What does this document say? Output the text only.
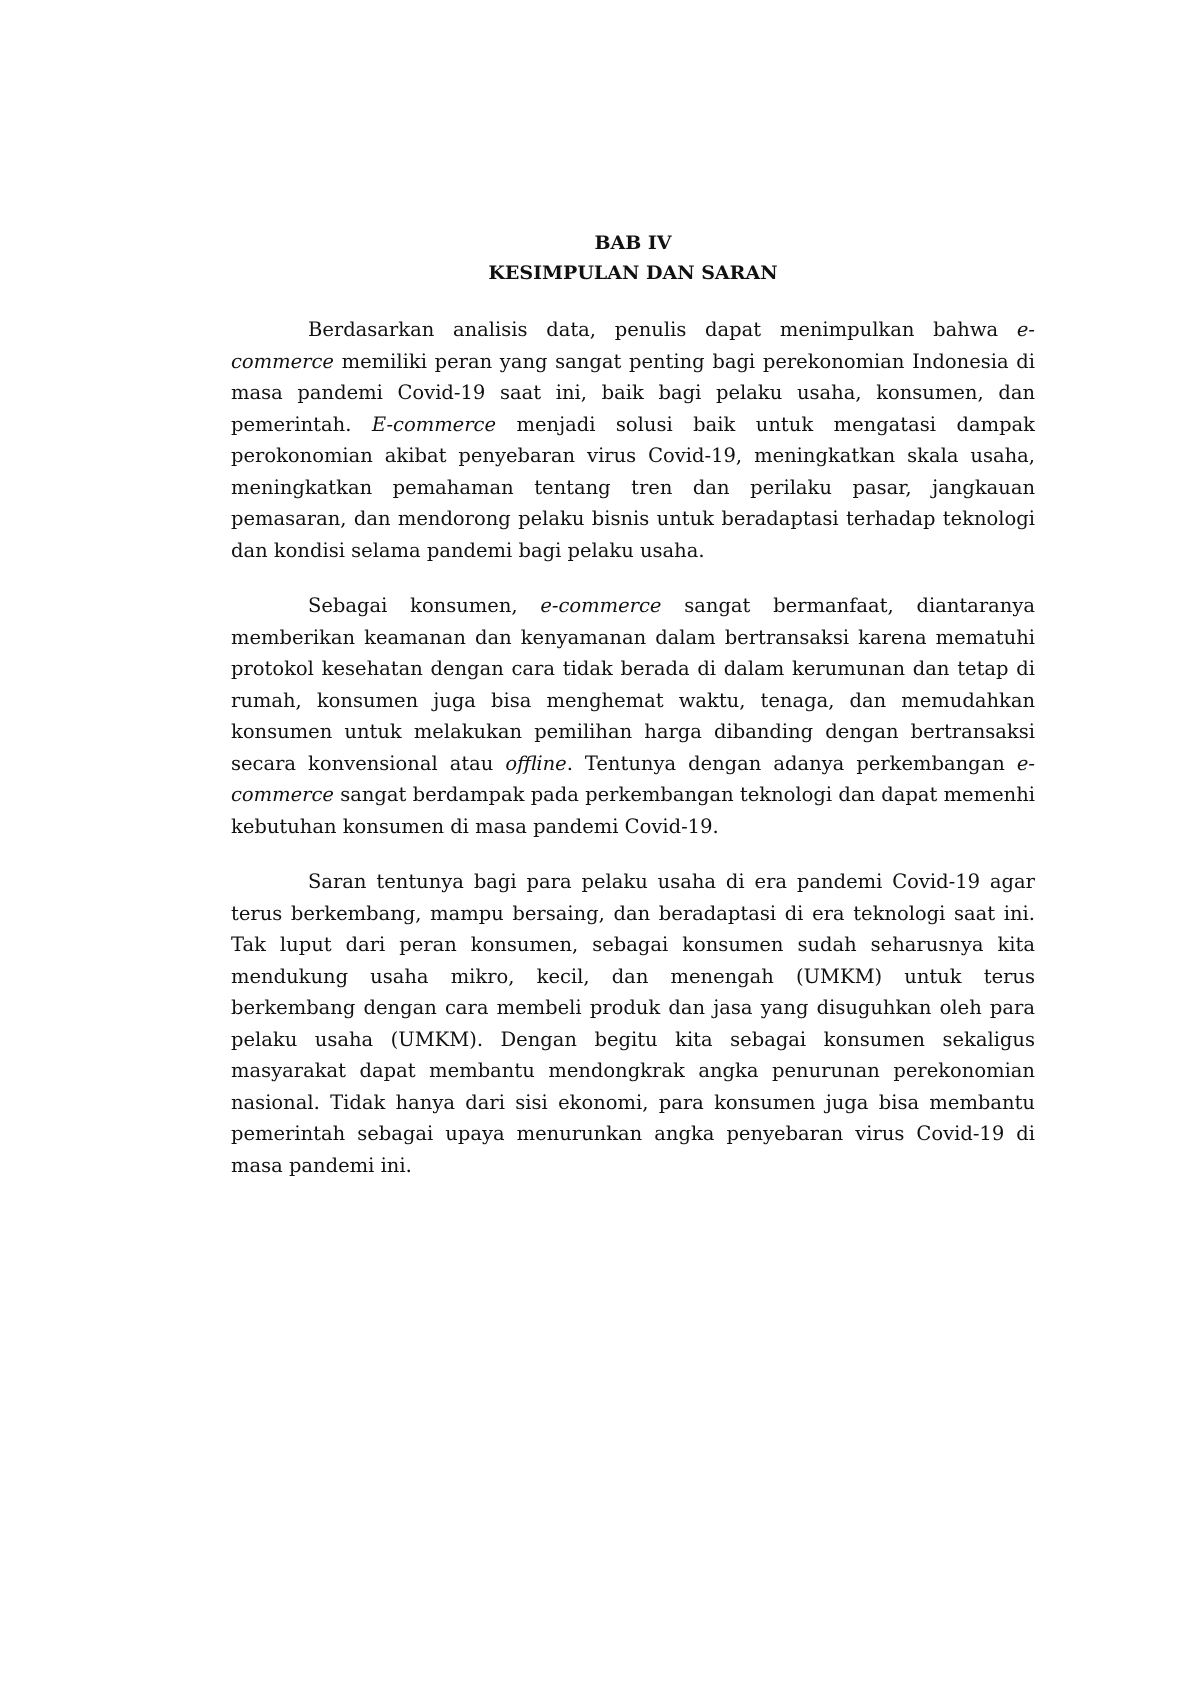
BAB IV

KESIMPULAN DAN SARAN

Berdasarkan analisis data, penulis dapat menimpulkan bahwa e-commerce memiliki peran yang sangat penting bagi perekonomian Indonesia di masa pandemi Covid-19 saat ini, baik bagi pelaku usaha, konsumen, dan pemerintah. E-commerce menjadi solusi baik untuk mengatasi dampak perokonomian akibat penyebaran virus Covid-19, meningkatkan skala usaha, meningkatkan pemahaman tentang tren dan perilaku pasar, jangkauan pemasaran, dan mendorong pelaku bisnis untuk beradaptasi terhadap teknologi dan kondisi selama pandemi bagi pelaku usaha.

Sebagai konsumen, e-commerce sangat bermanfaat, diantaranya memberikan keamanan dan kenyamanan dalam bertransaksi karena mematuhi protokol kesehatan dengan cara tidak berada di dalam kerumunan dan tetap di rumah, konsumen juga bisa menghemat waktu, tenaga, dan memudahkan konsumen untuk melakukan pemilihan harga dibanding dengan bertransaksi secara konvensional atau offline. Tentunya dengan adanya perkembangan e-commerce sangat berdampak pada perkembangan teknologi dan dapat memenhi kebutuhan konsumen di masa pandemi Covid-19.

Saran tentunya bagi para pelaku usaha di era pandemi Covid-19 agar terus berkembang, mampu bersaing, dan beradaptasi di era teknologi saat ini. Tak luput dari peran konsumen, sebagai konsumen sudah seharusnya kita mendukung usaha mikro, kecil, dan menengah (UMKM) untuk terus berkembang dengan cara membeli produk dan jasa yang disuguhkan oleh para pelaku usaha (UMKM). Dengan begitu kita sebagai konsumen sekaligus masyarakat dapat membantu mendongkrak angka penurunan perekonomian nasional. Tidak hanya dari sisi ekonomi, para konsumen juga bisa membantu pemerintah sebagai upaya menurunkan angka penyebaran virus Covid-19 di masa pandemi ini.
